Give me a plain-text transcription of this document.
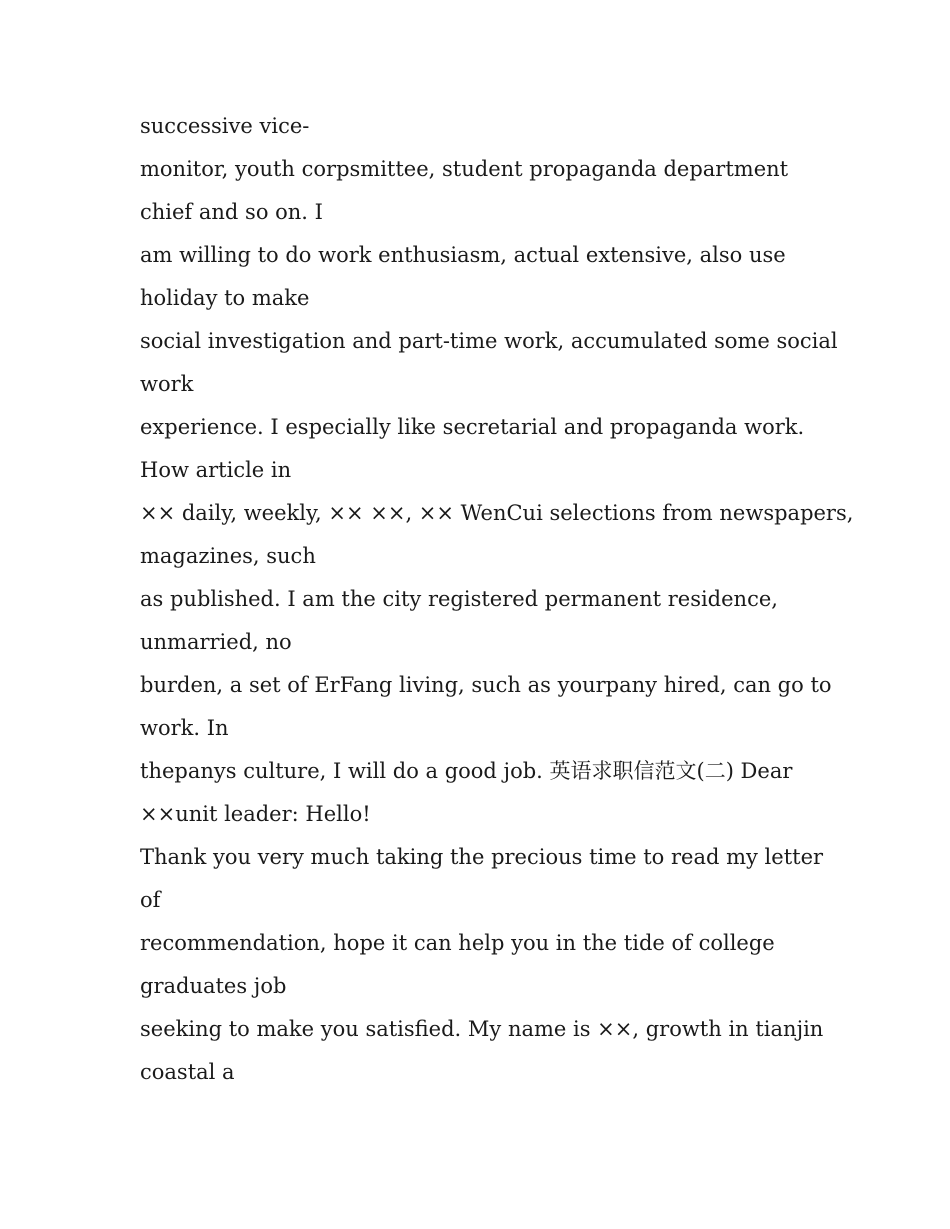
successive vice-
monitor, youth corpsmittee, student propaganda department
chief and so on. I
am willing to do work enthusiasm, actual extensive, also use
holiday to make
social investigation and part-time work, accumulated some social
work
experience. I especially like secretarial and propaganda work.
How article in
×× daily, weekly, ×× ××, ×× WenCui selections from newspapers,
magazines, such
as published. I am the city registered permanent residence,
unmarried, no
burden, a set of ErFang living, such as yourpany hired, can go to
work. In
thepanys culture, I will do a good job. 英语求职信范文(二) Dear
××unit leader: Hello!
Thank you very much taking the precious time to read my letter
of
recommendation, hope it can help you in the tide of college
graduates job
seeking to make you satisfied. My name is ××, growth in tianjin
coastal a
